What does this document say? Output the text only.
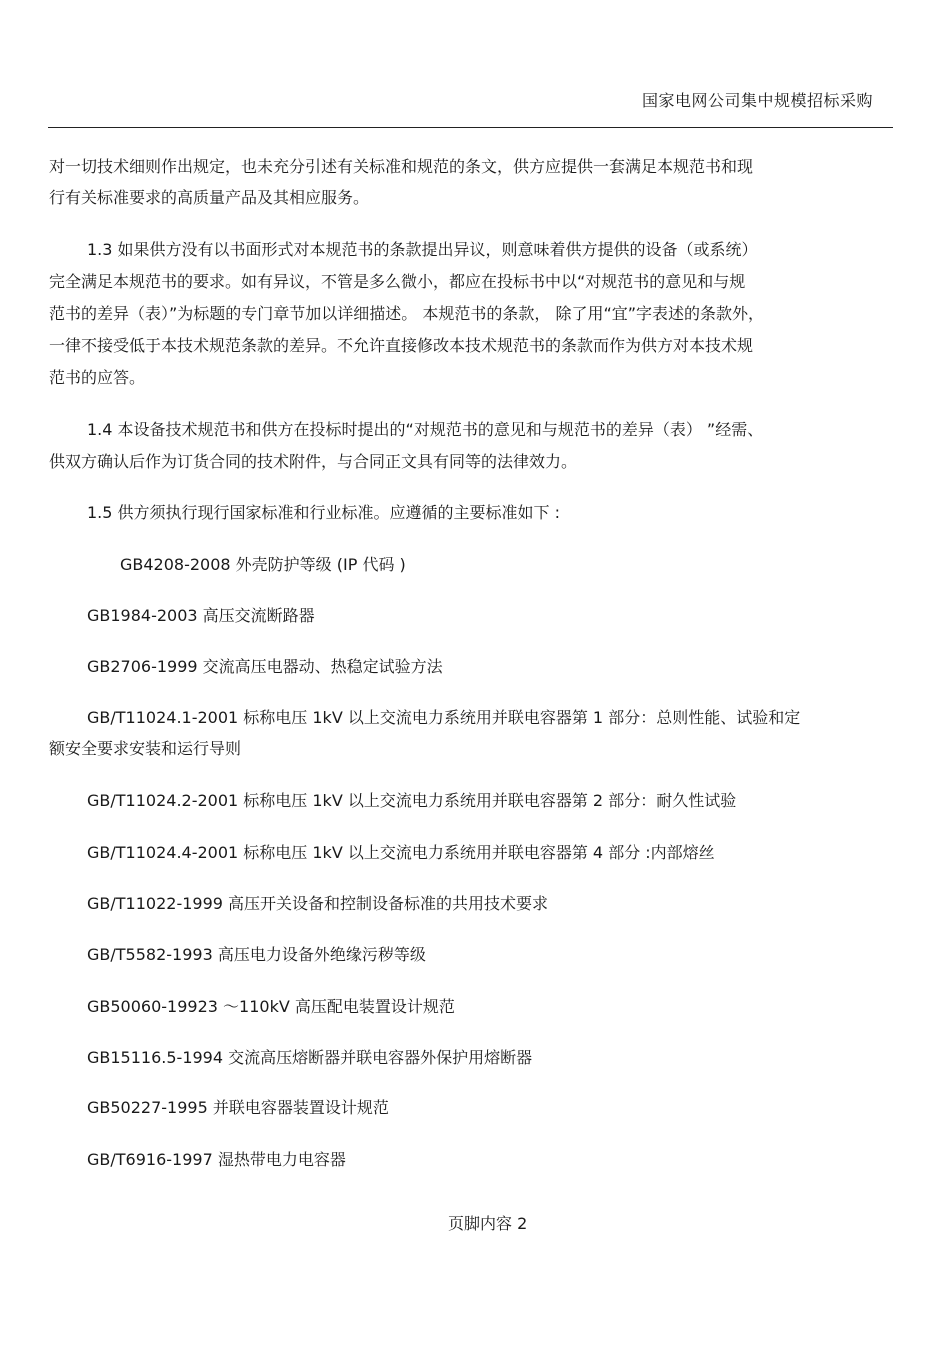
国家电网公司集中规模招标采购
对一切技术细则作出规定，也未充分引述有关标准和规范的条文，供方应提供一套满足本规范书和现
行有关标准要求的高质量产品及其相应服务。
1.3 如果供方没有以书面形式对本规范书的条款提出异议，则意味着供方提供的设备（或系统）
完全满足本规范书的要求。如有异议，不管是多么微小，都应在投标书中以“对规范书的意见和与规
范书的差异（表）”为标题的专门章节加以详细描述。 本规范书的条款， 除了用“宜”字表述的条款外，
一律不接受低于本技术规范条款的差异。不允许直接修改本技术规范书的条款而作为供方对本技术规
范书的应答。
1.4 本设备技术规范书和供方在投标时提出的“对规范书的意见和与规范书的差异（表） ”经需、
供双方确认后作为订货合同的技术附件，与合同正文具有同等的法律效力。
1.5 供方须执行现行国家标准和行业标准。应遵循的主要标准如下 :
GB4208-2008 外壳防护等级 (IP 代码 )
GB1984-2003 高压交流断路器
GB2706-1999 交流高压电器动、热稳定试验方法
GB/T11024.1-2001 标称电压 1kV 以上交流电力系统用并联电容器第 1 部分：总则性能、试验和定
额安全要求安装和运行导则
GB/T11024.2-2001 标称电压 1kV 以上交流电力系统用并联电容器第 2 部分：耐久性试验
GB/T11024.4-2001 标称电压 1kV 以上交流电力系统用并联电容器第 4 部分 :内部熔丝
GB/T11022-1999 高压开关设备和控制设备标准的共用技术要求
GB/T5582-1993 高压电力设备外绝缘污秽等级
GB50060-19923 ～110kV 高压配电装置设计规范
GB15116.5-1994 交流高压熔断器并联电容器外保护用熔断器
GB50227-1995 并联电容器装置设计规范
GB/T6916-1997 湿热带电力电容器
页脚内容 2
